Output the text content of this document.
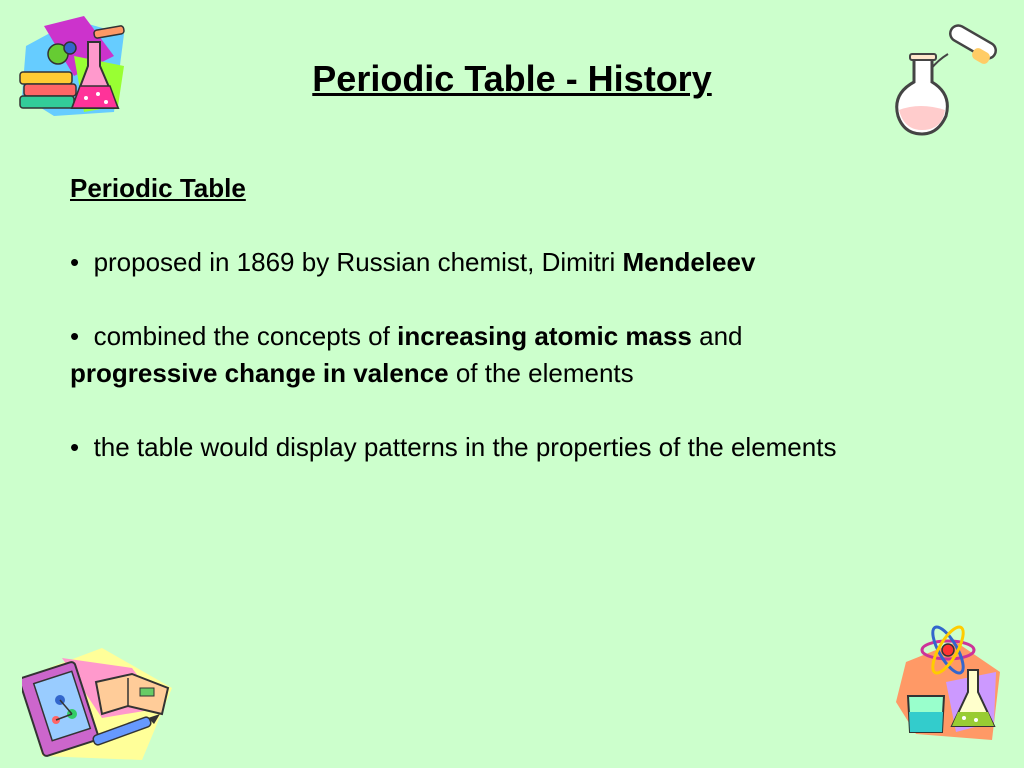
Periodic Table - History

Periodic Table

• proposed in 1869 by Russian chemist, Dimitri Mendeleev

• combined the concepts of increasing atomic mass and
progressive change in valence of the elements

• the table would display patterns in the properties of the elements
